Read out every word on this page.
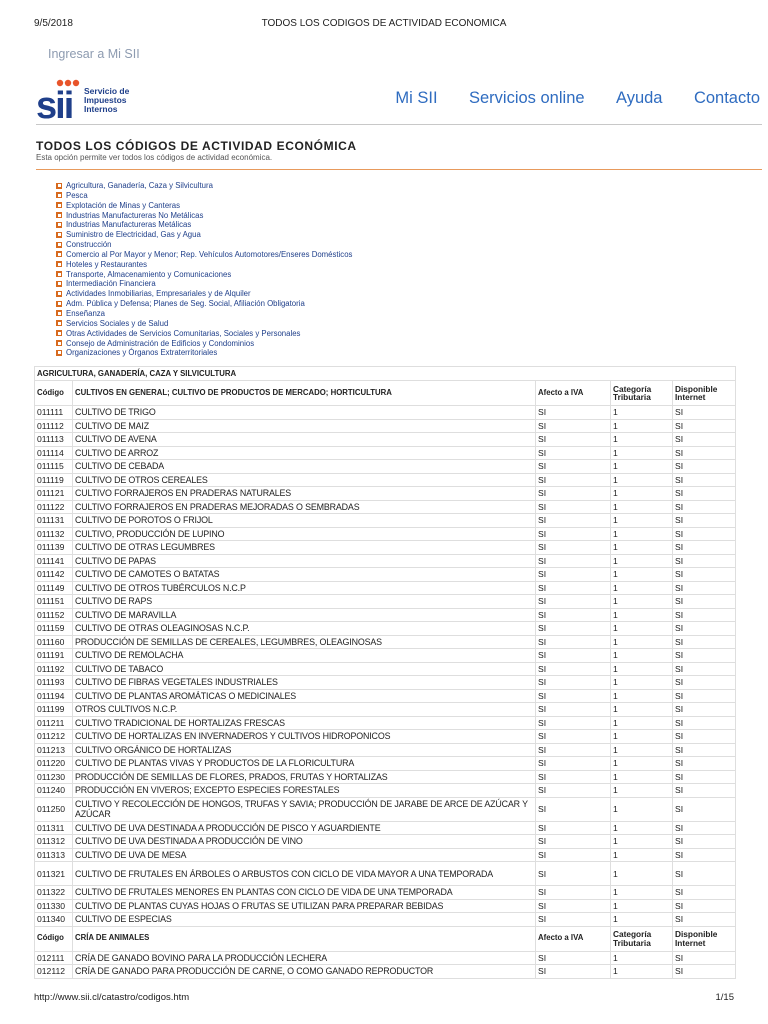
9/5/2018	TODOS LOS CODIGOS DE ACTIVIDAD ECONOMICA
Ingresar a Mi SII
sii Servicio de
Impuestos
Internos
Mi SII Servicios online Ayuda Contacto
TODOS LOS CÓDIGOS DE ACTIVIDAD ECONÓMICA
Esta opción permite ver todos los códigos de actividad económica.
Agricultura, Ganadería, Caza y Silvicultura
Pesca
Explotación de Minas y Canteras
Industrias Manufactureras No Metálicas
Industrias Manufactureras Metálicas
Suministro de Electricidad, Gas y Agua
Construcción
Comercio al Por Mayor y Menor; Rep. Vehículos Automotores/Enseres Domésticos
Hoteles y Restaurantes
Transporte, Almacenamiento y Comunicaciones
Intermediación Financiera
Actividades Inmobiliarias, Empresariales y de Alquiler
Adm. Pública y Defensa; Planes de Seg. Social, Afiliación Obligatoria
Enseñanza
Servicios Sociales y de Salud
Otras Actividades de Servicios Comunitarias, Sociales y Personales
Consejo de Administración de Edificios y Condominios
Organizaciones y Órganos Extraterritoriales
AGRICULTURA, GANADERÍA, CAZA Y SILVICULTURA				
Código	CULTIVOS EN GENERAL; CULTIVO DE PRODUCTOS DE MERCADO; HORTICULTURA	Afecto a IVA	Categoría Tributaria	Disponible Internet
011111	CULTIVO DE TRIGO	SI	1	SI
011112	CULTIVO DE MAIZ	SI	1	SI
011113	CULTIVO DE AVENA	SI	1	SI
011114	CULTIVO DE ARROZ	SI	1	SI
011115	CULTIVO DE CEBADA	SI	1	SI
011119	CULTIVO DE OTROS CEREALES	SI	1	SI
011121	CULTIVO FORRAJEROS EN PRADERAS NATURALES	SI	1	SI
011122	CULTIVO FORRAJEROS EN PRADERAS MEJORADAS O SEMBRADAS	SI	1	SI
011131	CULTIVO DE POROTOS O FRIJOL	SI	1	SI
011132	CULTIVO, PRODUCCIÓN DE LUPINO	SI	1	SI
011139	CULTIVO DE OTRAS LEGUMBRES	SI	1	SI
011141	CULTIVO DE PAPAS	SI	1	SI
011142	CULTIVO DE CAMOTES O BATATAS	SI	1	SI
011149	CULTIVO DE OTROS TUBÉRCULOS N.C.P	SI	1	SI
011151	CULTIVO DE RAPS	SI	1	SI
011152	CULTIVO DE MARAVILLA	SI	1	SI
011159	CULTIVO DE OTRAS OLEAGINOSAS N.C.P.	SI	1	SI
011160	PRODUCCIÓN DE SEMILLAS DE CEREALES, LEGUMBRES, OLEAGINOSAS	SI	1	SI
011191	CULTIVO DE REMOLACHA	SI	1	SI
011192	CULTIVO DE TABACO	SI	1	SI
011193	CULTIVO DE FIBRAS VEGETALES INDUSTRIALES	SI	1	SI
011194	CULTIVO DE PLANTAS AROMÁTICAS O MEDICINALES	SI	1	SI
011199	OTROS CULTIVOS N.C.P.	SI	1	SI
011211	CULTIVO TRADICIONAL DE HORTALIZAS FRESCAS	SI	1	SI
011212	CULTIVO DE HORTALIZAS EN INVERNADEROS Y CULTIVOS HIDROPONICOS	SI	1	SI
011213	CULTIVO ORGÁNICO DE HORTALIZAS	SI	1	SI
011220	CULTIVO DE PLANTAS VIVAS Y PRODUCTOS DE LA FLORICULTURA	SI	1	SI
011230	PRODUCCIÓN DE SEMILLAS DE FLORES, PRADOS, FRUTAS Y HORTALIZAS	SI	1	SI
011240	PRODUCCIÓN EN VIVEROS; EXCEPTO ESPECIES FORESTALES	SI	1	SI
011250	CULTIVO Y RECOLECCIÓN DE HONGOS, TRUFAS Y SAVIA; PRODUCCIÓN DE JARABE DE ARCE DE AZÚCAR Y AZÚCAR	SI	1	SI
011311	CULTIVO DE UVA DESTINADA A PRODUCCIÓN DE PISCO Y AGUARDIENTE	SI	1	SI
011312	CULTIVO DE UVA DESTINADA A PRODUCCIÓN DE VINO	SI	1	SI
011313	CULTIVO DE UVA DE MESA	SI	1	SI
011321	CULTIVO DE FRUTALES EN ÁRBOLES O ARBUSTOS CON CICLO DE VIDA MAYOR A UNA TEMPORADA	SI	1	SI
011322	CULTIVO DE FRUTALES MENORES EN PLANTAS CON CICLO DE VIDA DE UNA TEMPORADA	SI	1	SI
011330	CULTIVO DE PLANTAS CUYAS HOJAS O FRUTAS SE UTILIZAN PARA PREPARAR BEBIDAS	SI	1	SI
011340	CULTIVO DE ESPECIAS	SI	1	SI
Código	CRÍA DE ANIMALES	Afecto a IVA	Categoría Tributaria	Disponible Internet
012111	CRÍA DE GANADO BOVINO PARA LA PRODUCCIÓN LECHERA	SI	1	SI
012112	CRÍA DE GANADO PARA PRODUCCIÓN DE CARNE, O COMO GANADO REPRODUCTOR	SI	1	SI
http://www.sii.cl/catastro/codigos.htm	1/15
